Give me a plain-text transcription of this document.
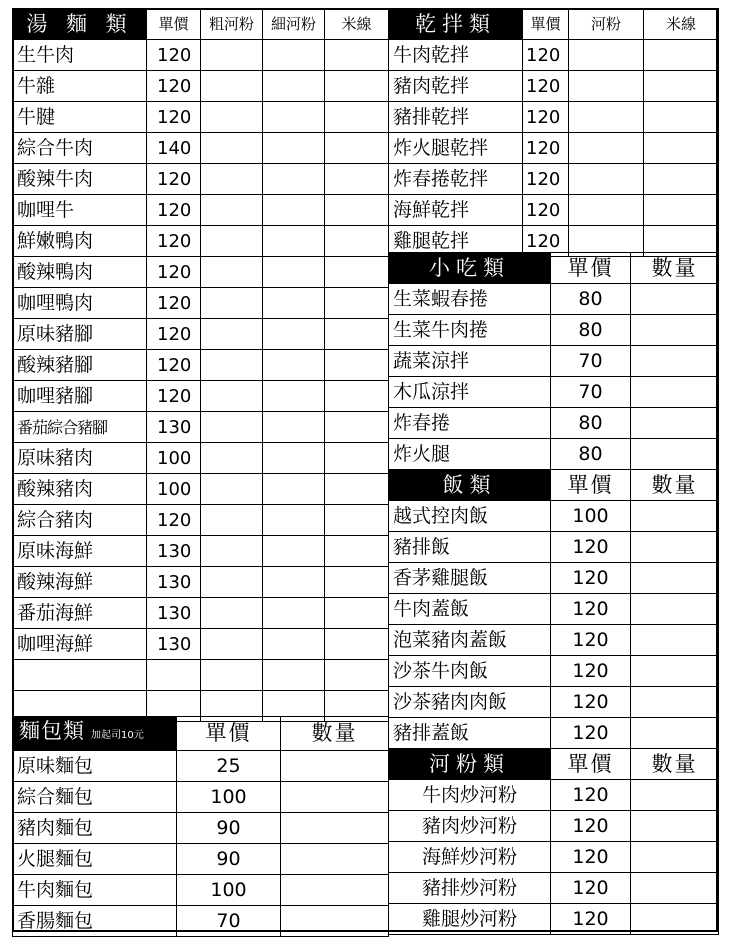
湯 麵 類	單價	粗河粉	細河粉	米線
生牛肉	120			
牛雜	120			
牛腱	120			
綜合牛肉	140			
酸辣牛肉	120			
咖哩牛	120			
鮮嫩鴨肉	120			
酸辣鴨肉	120			
咖哩鴨肉	120			
原味豬腳	120			
酸辣豬腳	120			
咖哩豬腳	120			
番茄綜合豬腳	130			
原味豬肉	100			
酸辣豬肉	100			
綜合豬肉	120			
原味海鮮	130			
酸辣海鮮	130			
番茄海鮮	130			
咖哩海鮮	130			

麵包類 加起司10元	單價	數量
原味麵包	25	
綜合麵包	100	
豬肉麵包	90	
火腿麵包	90	
牛肉麵包	100	
香腸麵包	70	
乾拌類	單價	河粉	米線
牛肉乾拌	120		
豬肉乾拌	120		
豬排乾拌	120		
炸火腿乾拌	120		
炸春捲乾拌	120		
海鮮乾拌	120		
雞腿乾拌	120		
小吃類	單價	數量
生菜蝦春捲	80	
生菜牛肉捲	80	
蔬菜涼拌	70	
木瓜涼拌	70	
炸春捲	80	
炸火腿	80	
飯類	單價	數量
越式控肉飯	100	
豬排飯	120	
香茅雞腿飯	120	
牛肉蓋飯	120	
泡菜豬肉蓋飯	120	
沙茶牛肉飯	120	
沙茶豬肉肉飯	120	
豬排蓋飯	120	
河粉類	單價	數量
牛肉炒河粉	120	
豬肉炒河粉	120	
海鮮炒河粉	120	
豬排炒河粉	120	
雞腿炒河粉	120	
